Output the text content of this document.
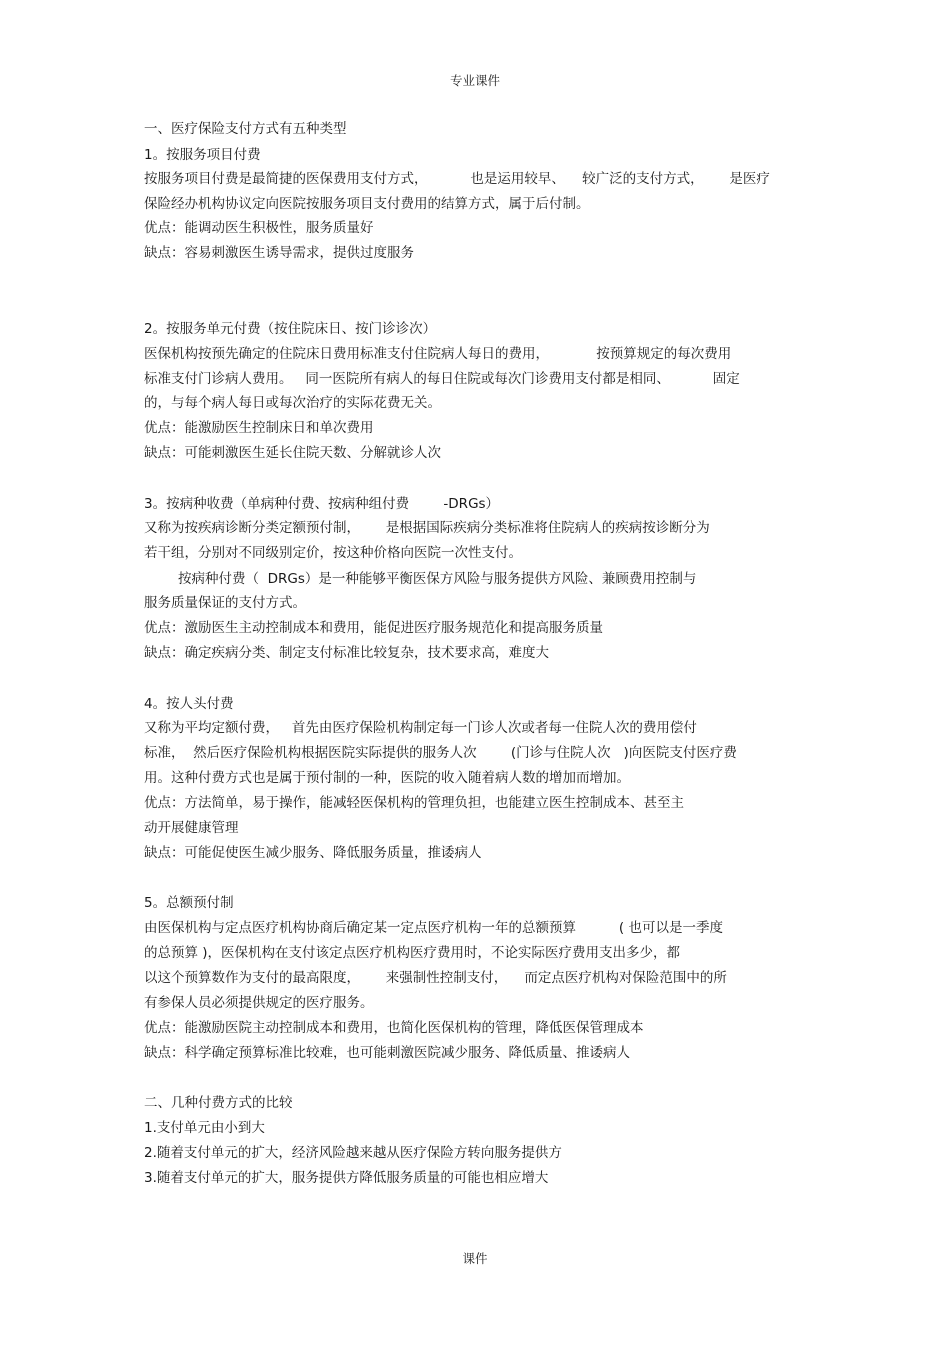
专业课件
一、医疗保险支付方式有五种类型
1。按服务项目付费
按服务项目付费是最简捷的医保费用支付方式，          也是运用较早、    较广泛的支付方式，      是医疗
保险经办机构协议定向医院按服务项目支付费用的结算方式，属于后付制。
优点：能调动医生积极性，服务质量好
缺点：容易刺激医生诱导需求，提供过度服务
2。按服务单元付费（按住院床日、按门诊诊次）
医保机构按预先确定的住院床日费用标准支付住院病人每日的费用，           按预算规定的每次费用
标准支付门诊病人费用。   同一医院所有病人的每日住院或每次门诊费用支付都是相同、          固定
的，与每个病人每日或每次治疗的实际花费无关。
优点：能激励医生控制床日和单次费用
缺点：可能刺激医生延长住院天数、分解就诊人次
3。按病种收费（单病种付费、按病种组付费        -DRGs）
又称为按疾病诊断分类定额预付制，      是根据国际疾病分类标准将住院病人的疾病按诊断分为
若干组，分别对不同级别定价，按这种价格向医院一次性支付。
按病种付费（  DRGs）是一种能够平衡医保方风险与服务提供方风险、兼顾费用控制与
服务质量保证的支付方式。
优点：激励医生主动控制成本和费用，能促进医疗服务规范化和提高服务质量
缺点：确定疾病分类、制定支付标准比较复杂，技术要求高，难度大
4。按人头付费
又称为平均定额付费，   首先由医疗保险机构制定每一门诊人次或者每一住院人次的费用偿付
标准，  然后医疗保险机构根据医院实际提供的服务人次        (门诊与住院人次   )向医院支付医疗费
用。这种付费方式也是属于预付制的一种，医院的收入随着病人数的增加而增加。
优点：方法简单，易于操作，能减轻医保机构的管理负担，也能建立医生控制成本、甚至主
动开展健康管理
缺点：可能促使医生减少服务、降低服务质量，推诿病人
5。总额预付制
由医保机构与定点医疗机构协商后确定某一定点医疗机构一年的总额预算          ( 也可以是一季度
的总预算 )，医保机构在支付该定点医疗机构医疗费用时，不论实际医疗费用支出多少，都
以这个预算数作为支付的最高限度，      来强制性控制支付，    而定点医疗机构对保险范围中的所
有参保人员必须提供规定的医疗服务。
优点：能激励医院主动控制成本和费用，也简化医保机构的管理，降低医保管理成本
缺点：科学确定预算标准比较难，也可能刺激医院减少服务、降低质量、推诿病人
二、几种付费方式的比较
1.支付单元由小到大
2.随着支付单元的扩大，经济风险越来越从医疗保险方转向服务提供方
3.随着支付单元的扩大，服务提供方降低服务质量的可能也相应增大
课件
